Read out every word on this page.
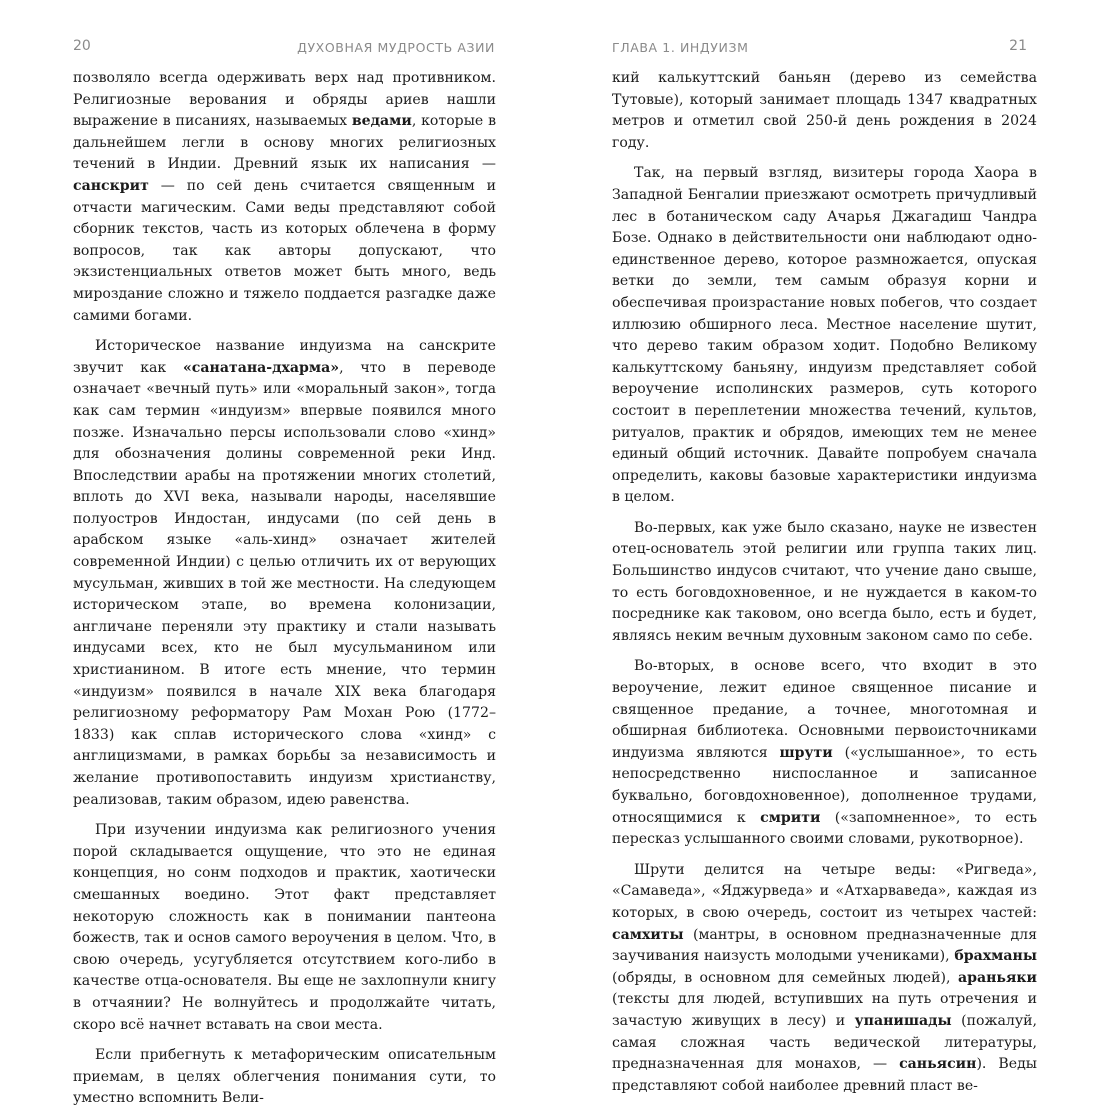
20	ДУХОВНАЯ МУДРОСТЬ АЗИИ

позволяло всегда одерживать верх над противником. Религиозные верования и обряды ариев нашли выражение в писаниях, называемых ведами, которые в дальнейшем легли в основу многих религиозных течений в Индии. Древний язык их написания — санскрит — по сей день считается священным и отчасти магическим. Сами веды представляют собой сборник текстов, часть из которых облечена в форму вопросов, так как авторы допускают, что экзистенциальных ответов может быть много, ведь мироздание сложно и тяжело поддается разгадке даже самими богами.

Историческое название индуизма на санскрите звучит как «санатана-дхарма», что в переводе означает «вечный путь» или «моральный закон», тогда как сам термин «индуизм» впервые появился много позже. Изначально персы использовали слово «хинд» для обозначения долины современной реки Инд. Впоследствии арабы на протяжении многих столетий, вплоть до XVI века, называли народы, населявшие полуостров Индостан, индусами (по сей день в арабском языке «аль-хинд» означает жителей современной Индии) с целью отличить их от верующих мусульман, живших в той же местности. На следующем историческом этапе, во времена колонизации, англичане переняли эту практику и стали называть индусами всех, кто не был мусульманином или христианином. В итоге есть мнение, что термин «индуизм» появился в начале XIX века благодаря религиозному реформатору Рам Мохан Рою (1772–1833) как сплав исторического слова «хинд» с англицизмами, в рамках борьбы за независимость и желание противопоставить индуизм христианству, реализовав, таким образом, идею равенства.

При изучении индуизма как религиозного учения порой складывается ощущение, что это не единая концепция, но сонм подходов и практик, хаотически смешанных воедино. Этот факт представляет некоторую сложность как в понимании пантеона божеств, так и основ самого вероучения в целом. Что, в свою очередь, усугубляется отсутствием кого-либо в качестве отца-основателя. Вы еще не захлопнули книгу в отчаянии? Не волнуйтесь и продолжайте читать, скоро всё начнет вставать на свои места.

Если прибегнуть к метафорическим описательным приемам, в целях облегчения понимания сути, то уместно вспомнить Вели-

ГЛАВА 1. ИНДУИЗМ	21

кий калькуттский баньян (дерево из семейства Тутовые), который занимает площадь 1347 квадратных метров и отметил свой 250-й день рождения в 2024 году.

Так, на первый взгляд, визитеры города Хаора в Западной Бенгалии приезжают осмотреть причудливый лес в ботаническом саду Ачарья Джагадиш Чандра Бозе. Однако в действительности они наблюдают одно-единственное дерево, которое размножается, опуская ветки до земли, тем самым образуя корни и обеспечивая произрастание новых побегов, что создает иллюзию обширного леса. Местное население шутит, что дерево таким образом ходит. Подобно Великому калькуттскому баньяну, индуизм представляет собой вероучение исполинских размеров, суть которого состоит в переплетении множества течений, культов, ритуалов, практик и обрядов, имеющих тем не менее единый общий источник. Давайте попробуем сначала определить, каковы базовые характеристики индуизма в целом.

Во-первых, как уже было сказано, науке не известен отец-основатель этой религии или группа таких лиц. Большинство индусов считают, что учение дано свыше, то есть боговдохновенное, и не нуждается в каком-то посреднике как таковом, оно всегда было, есть и будет, являясь неким вечным духовным законом само по себе.

Во-вторых, в основе всего, что входит в это вероучение, лежит единое священное писание и священное предание, а точнее, многотомная и обширная библиотека. Основными первоисточниками индуизма являются шрути («услышанное», то есть непосредственно ниспосланное и записанное буквально, боговдохновенное), дополненное трудами, относящимися к смрити («запомненное», то есть пересказ услышанного своими словами, рукотворное).

Шрути делится на четыре веды: «Ригведа», «Самаведа», «Яджурведа» и «Атхарваведа», каждая из которых, в свою очередь, состоит из четырех частей: самхиты (мантры, в основном предназначенные для заучивания наизусть молодыми учениками), брахманы (обряды, в основном для семейных людей), араньяки (тексты для людей, вступивших на путь отречения и зачастую живущих в лесу) и упанишады (пожалуй, самая сложная часть ведической литературы, предназначенная для монахов, — саньясин). Веды представляют собой наиболее древний пласт ве-
